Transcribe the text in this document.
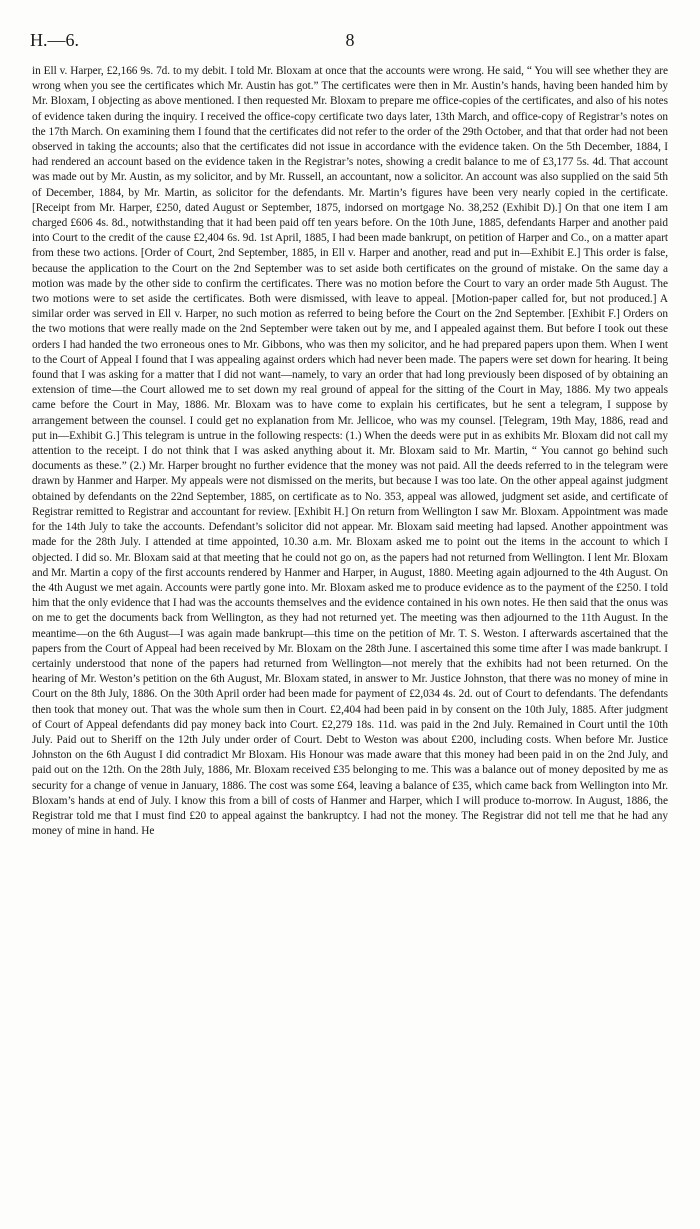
H.—6.	8

in Ell v. Harper, £2,166 9s. 7d. to my debit. I told Mr. Bloxam at once that the accounts were wrong. He said, “ You will see whether they are wrong when you see the certificates which Mr. Austin has got.” The certificates were then in Mr. Austin’s hands, having been handed him by Mr. Bloxam, I objecting as above mentioned. I then requested Mr. Bloxam to prepare me office-copies of the certificates, and also of his notes of evidence taken during the inquiry. I received the office-copy certificate two days later, 13th March, and office-copy of Registrar’s notes on the 17th March. On examining them I found that the certificates did not refer to the order of the 29th October, and that that order had not been observed in taking the accounts; also that the certificates did not issue in accordance with the evidence taken. On the 5th December, 1884, I had rendered an account based on the evidence taken in the Registrar’s notes, showing a credit balance to me of £3,177 5s. 4d. That account was made out by Mr. Austin, as my solicitor, and by Mr. Russell, an accountant, now a solicitor. An account was also supplied on the said 5th of December, 1884, by Mr. Martin, as solicitor for the defendants. Mr. Martin’s figures have been very nearly copied in the certificate. [Receipt from Mr. Harper, £250, dated August or September, 1875, indorsed on mortgage No. 38,252 (Exhibit D).] On that one item I am charged £606 4s. 8d., notwithstanding that it had been paid off ten years before. On the 10th June, 1885, defendants Harper and another paid into Court to the credit of the cause £2,404 6s. 9d. 1st April, 1885, I had been made bankrupt, on petition of Harper and Co., on a matter apart from these two actions. [Order of Court, 2nd September, 1885, in Ell v. Harper and another, read and put in—Exhibit E.] This order is false, because the application to the Court on the 2nd September was to set aside both certificates on the ground of mistake. On the same day a motion was made by the other side to confirm the certificates. There was no motion before the Court to vary an order made 5th August. The two motions were to set aside the certificates. Both were dismissed, with leave to appeal. [Motion-paper called for, but not produced.] A similar order was served in Ell v. Harper, no such motion as referred to being before the Court on the 2nd September. [Exhibit F.] Orders on the two motions that were really made on the 2nd September were taken out by me, and I appealed against them. But before I took out these orders I had handed the two erroneous ones to Mr. Gibbons, who was then my solicitor, and he had prepared papers upon them. When I went to the Court of Appeal I found that I was appealing against orders which had never been made. The papers were set down for hearing. It being found that I was asking for a matter that I did not want—namely, to vary an order that had long previously been disposed of by obtaining an extension of time—the Court allowed me to set down my real ground of appeal for the sitting of the Court in May, 1886. My two appeals came before the Court in May, 1886. Mr. Bloxam was to have come to explain his certificates, but he sent a telegram, I suppose by arrangement between the counsel. I could get no explanation from Mr. Jellicoe, who was my counsel. [Telegram, 19th May, 1886, read and put in—Exhibit G.] This telegram is untrue in the following respects: (1.) When the deeds were put in as exhibits Mr. Bloxam did not call my attention to the receipt. I do not think that I was asked anything about it. Mr. Bloxam said to Mr. Martin, “ You cannot go behind such documents as these.” (2.) Mr. Harper brought no further evidence that the money was not paid. All the deeds referred to in the telegram were drawn by Hanmer and Harper. My appeals were not dismissed on the merits, but because I was too late. On the other appeal against judgment obtained by defendants on the 22nd September, 1885, on certificate as to No. 353, appeal was allowed, judgment set aside, and certificate of Registrar remitted to Registrar and accountant for review. [Exhibit H.] On return from Wellington I saw Mr. Bloxam. Appointment was made for the 14th July to take the accounts. Defendant’s solicitor did not appear. Mr. Bloxam said meeting had lapsed. Another appointment was made for the 28th July. I attended at time appointed, 10.30 a.m. Mr. Bloxam asked me to point out the items in the account to which I objected. I did so. Mr. Bloxam said at that meeting that he could not go on, as the papers had not returned from Wellington. I lent Mr. Bloxam and Mr. Martin a copy of the first accounts rendered by Hanmer and Harper, in August, 1880. Meeting again adjourned to the 4th August. On the 4th August we met again. Accounts were partly gone into. Mr. Bloxam asked me to produce evidence as to the payment of the £250. I told him that the only evidence that I had was the accounts themselves and the evidence contained in his own notes. He then said that the onus was on me to get the documents back from Wellington, as they had not returned yet. The meeting was then adjourned to the 11th August. In the meantime—on the 6th August—I was again made bankrupt—this time on the petition of Mr. T. S. Weston. I afterwards ascertained that the papers from the Court of Appeal had been received by Mr. Bloxam on the 28th June. I ascertained this some time after I was made bankrupt. I certainly understood that none of the papers had returned from Wellington—not merely that the exhibits had not been returned. On the hearing of Mr. Weston’s petition on the 6th August, Mr. Bloxam stated, in answer to Mr. Justice Johnston, that there was no money of mine in Court on the 8th July, 1886. On the 30th April order had been made for payment of £2,034 4s. 2d. out of Court to defendants. The defendants then took that money out. That was the whole sum then in Court. £2,404 had been paid in by consent on the 10th July, 1885. After judgment of Court of Appeal defendants did pay money back into Court. £2,279 18s. 11d. was paid in the 2nd July. Remained in Court until the 10th July. Paid out to Sheriff on the 12th July under order of Court. Debt to Weston was about £200, including costs. When before Mr. Justice Johnston on the 6th August I did contradict Mr Bloxam. His Honour was made aware that this money had been paid in on the 2nd July, and paid out on the 12th. On the 28th July, 1886, Mr. Bloxam received £35 belonging to me. This was a balance out of money deposited by me as security for a change of venue in January, 1886. The cost was some £64, leaving a balance of £35, which came back from Wellington into Mr. Bloxam’s hands at end of July. I know this from a bill of costs of Hanmer and Harper, which I will produce to-morrow. In August, 1886, the Registrar told me that I must find £20 to appeal against the bankruptcy. I had not the money. The Registrar did not tell me that he had any money of mine in hand. He
